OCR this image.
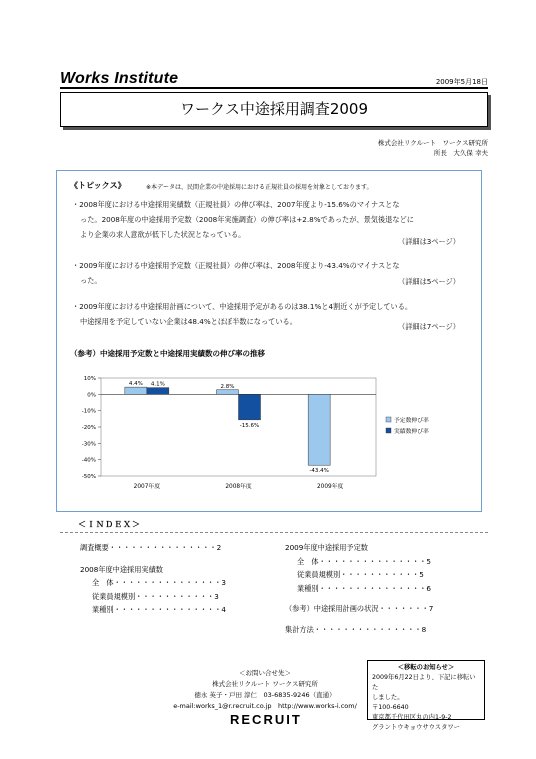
Works Institute	2009年5月18日
ワークス中途採用調査2009
株式会社リクルート　ワークス研究所
所長　大久保 幸夫
《トピックス》	※本データは、民間企業の中途採用における正規社員の採用を対象としております。
・2008年度における中途採用実績数（正規社員）の伸び率は、2007年度より-15.6%のマイナスとな
った。2008年度の中途採用予定数（2008年実施調査）の伸び率は+2.8%であったが、景気後退などに
より企業の求人意欲が低下した状況となっている。
（詳細は3ページ）
・2009年度における中途採用予定数（正規社員）の伸び率は、2008年度より-43.4%のマイナスとな
った。	（詳細は5ページ）
・2009年度における中途採用計画について、中途採用予定があるのは38.1%と4割近くが予定している。
中途採用を予定していない企業は48.4%とほぼ半数になっている。
（詳細は7ページ）
（参考）中途採用予定数と中途採用実績数の伸び率の推移
10%
0%
-10%
-20%
-30%
-40%
-50%
4.4% 4.1%
2007年度
2.8%
-15.6%
2008年度
-43.4%
2009年度
予定数伸び率
実績数伸び率
＜ＩＮＤＥＸ＞
調査概要・・・・・・・・・・・・・・・2
2008年度中途採用実績数
全　体・・・・・・・・・・・・・・・3
従業員規模別・・・・・・・・・・・3
業種別・・・・・・・・・・・・・・・4
2009年度中途採用予定数
全　体・・・・・・・・・・・・・・・5
従業員規模別・・・・・・・・・・・5
業種別・・・・・・・・・・・・・・・6
（参考）中途採用計画の状況・・・・・・・7
集計方法・・・・・・・・・・・・・・・8
＜お問い合せ先＞
株式会社リクルート ワークス研究所
徳永 英子・戸田 淳仁　03-6835-9246（直通）
e-mail:works_1@r.recruit.co.jp　http://www.works-i.com/
＜移転のお知らせ＞
2009年6月22日より、下記に移転いた
しました。
〒100-6640
東京都千代田区丸の内1-9-2
グラントウキョウサウスタワー
RECRUIT
